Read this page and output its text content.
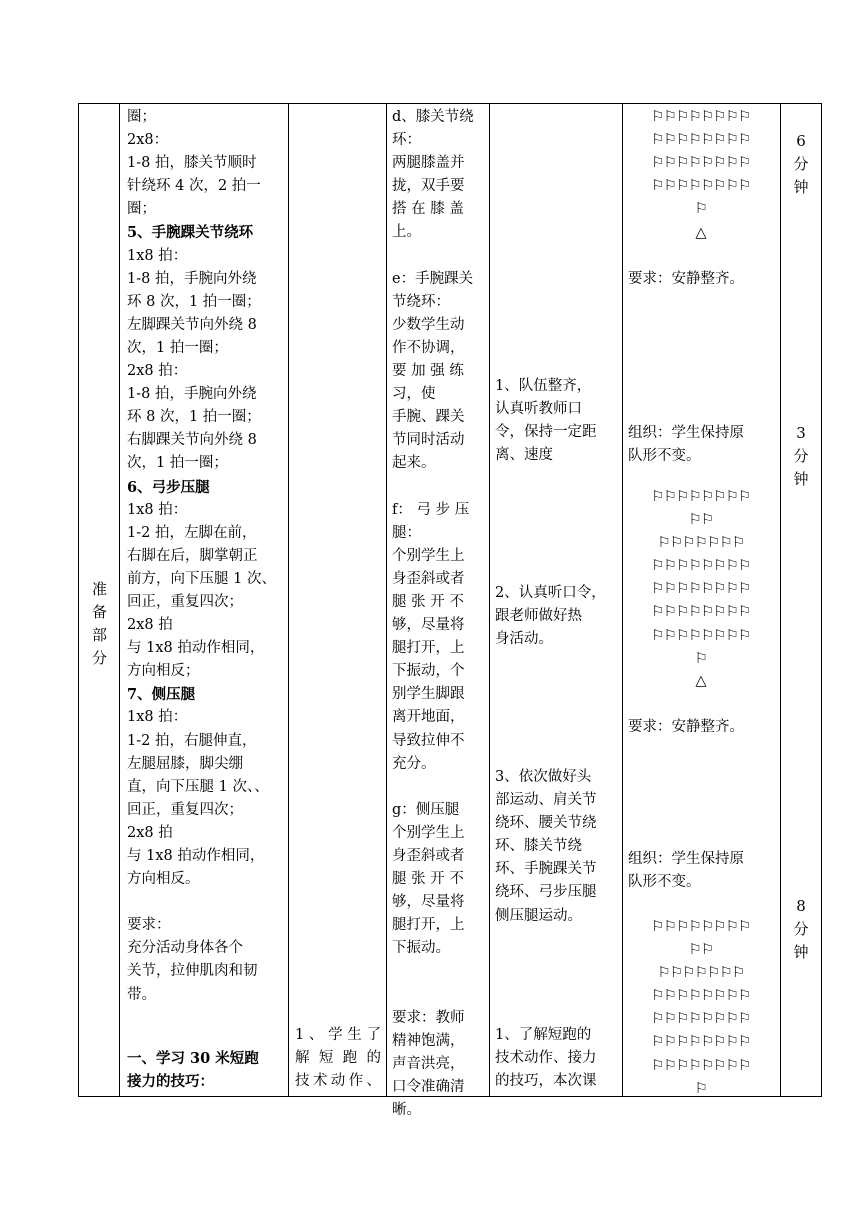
准
备
部
分
圈；
2x8：
1-8 拍，膝关节顺时
针绕环 4 次，2 拍一
圈；
5、手腕踝关节绕环
1x8 拍：
1-8 拍，手腕向外绕
环 8 次，1 拍一圈；
左脚踝关节向外绕 8
次，1 拍一圈；
2x8 拍：
1-8 拍，手腕向外绕
环 8 次，1 拍一圈；
右脚踝关节向外绕 8
次，1 拍一圈；
6、弓步压腿
1x8 拍：
1-2 拍，左脚在前，
右脚在后，脚掌朝正
前方，向下压腿 1 次、
回正，重复四次；
2x8 拍
与 1x8 拍动作相同，
方向相反；
7、侧压腿
1x8 拍：
1-2 拍，右腿伸直，
左腿屈膝，脚尖绷
直，向下压腿 1 次、、
回正，重复四次；
2x8 拍
与 1x8 拍动作相同，
方向相反。
要求：
充分活动身体各个
关节，拉伸肌肉和韧
带。
一、学习 30 米短跑
接力的技巧：
1、学生了
解短跑的
技术动作、
d、膝关节绕
环：
两腿膝盖并
拢，双手要
搭 在 膝 盖
上。
e：手腕踝关
节绕环：
少数学生动
作不协调，
要 加 强 练
习，使
手腕、踝关
节同时活动
起来。
f： 弓 步 压
腿：
个别学生上
身歪斜或者
腿 张 开 不
够，尽量将
腿打开，上
下振动，个
别学生脚跟
离开地面，
导致拉伸不
充分。
g：侧压腿
个别学生上
身歪斜或者
腿 张 开 不
够，尽量将
腿打开，上
下振动。
要求：教师
精神饱满，
声音洪亮，
口令准确清
晰。
1、队伍整齐，
认真听教师口
令，保持一定距
离、速度
2、认真听口令，
跟老师做好热
身活动。
3、依次做好头
部运动、肩关节
绕环、腰关节绕
环、膝关节绕
环、手腕踝关节
绕环、弓步压腿
侧压腿运动。
1、了解短跑的
技术动作、接力
的技巧，本次课
⚐⚐⚐⚐⚐⚐⚐⚐
⚐⚐⚐⚐⚐⚐⚐⚐
⚐⚐⚐⚐⚐⚐⚐⚐
⚐⚐⚐⚐⚐⚐⚐⚐
⚐
△
要求：安静整齐。
组织：学生保持原
队形不变。
⚐⚐⚐⚐⚐⚐⚐⚐
⚐⚐
⚐⚐⚐⚐⚐⚐⚐
⚐⚐⚐⚐⚐⚐⚐⚐
⚐⚐⚐⚐⚐⚐⚐⚐
⚐⚐⚐⚐⚐⚐⚐⚐
⚐⚐⚐⚐⚐⚐⚐⚐
⚐
△
要求：安静整齐。
组织：学生保持原
队形不变。
⚐⚐⚐⚐⚐⚐⚐⚐
⚐⚐
⚐⚐⚐⚐⚐⚐⚐
⚐⚐⚐⚐⚐⚐⚐⚐
⚐⚐⚐⚐⚐⚐⚐⚐
⚐⚐⚐⚐⚐⚐⚐⚐
⚐⚐⚐⚐⚐⚐⚐⚐
⚐
6
分
钟
3
分
钟
8
分
钟
